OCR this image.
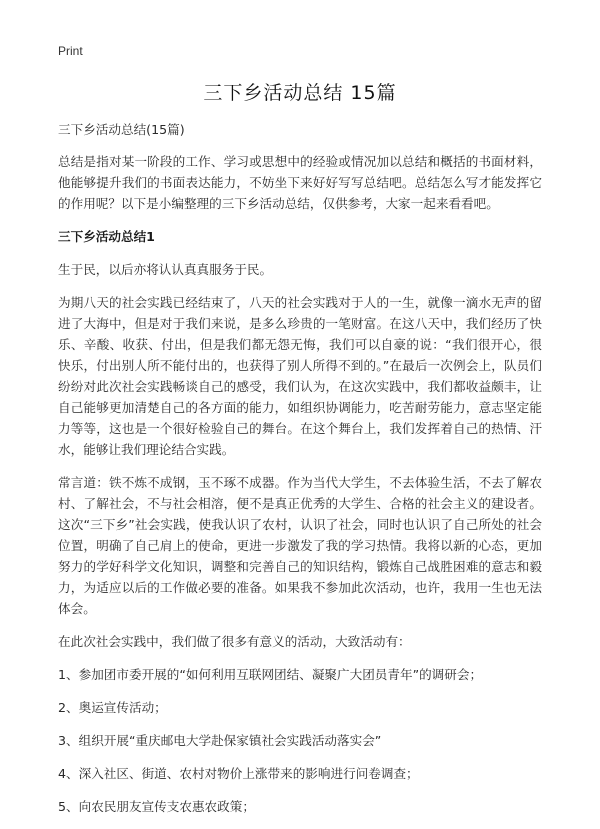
Print
三下乡活动总结 15篇

三下乡活动总结(15篇)

总结是指对某一阶段的工作、学习或思想中的经验或情况加以总结和概括的书面材料，他能够提升我们的书面表达能力，不妨坐下来好好写写总结吧。总结怎么写才能发挥它的作用呢？以下是小编整理的三下乡活动总结，仅供参考，大家一起来看看吧。

三下乡活动总结1

生于民，以后亦将认认真真服务于民。

为期八天的社会实践已经结束了，八天的社会实践对于人的一生，就像一滴水无声的留进了大海中，但是对于我们来说，是多么珍贵的一笔财富。在这八天中，我们经历了快乐、辛酸、收获、付出，但是我们都无怨无悔，我们可以自豪的说：“我们很开心，很快乐，付出别人所不能付出的，也获得了别人所得不到的。”在最后一次例会上，队员们纷纷对此次社会实践畅谈自己的感受，我们认为，在这次实践中，我们都收益颇丰，让自己能够更加清楚自己的各方面的能力，如组织协调能力，吃苦耐劳能力，意志坚定能力等等，这也是一个很好检验自己的舞台。在这个舞台上，我们发挥着自己的热情、汗水，能够让我们理论结合实践。

常言道：铁不炼不成钢，玉不琢不成器。作为当代大学生，不去体验生活，不去了解农村、了解社会，不与社会相溶，便不是真正优秀的大学生、合格的社会主义的建设者。这次“三下乡”社会实践，使我认识了农村，认识了社会，同时也认识了自己所处的社会位置，明确了自己肩上的使命，更进一步激发了我的学习热情。我将以新的心态，更加努力的学好科学文化知识，调整和完善自己的知识结构，锻炼自己战胜困难的意志和毅力，为适应以后的工作做必要的准备。如果我不参加此次活动，也许，我用一生也无法体会。

在此次社会实践中，我们做了很多有意义的活动，大致活动有：

1、参加团市委开展的“如何利用互联网团结、凝聚广大团员青年”的调研会；

2、奥运宣传活动；

3、组织开展“重庆邮电大学赴保家镇社会实践活动落实会”

4、深入社区、街道、农村对物价上涨带来的影响进行问卷调查；

5、向农民朋友宣传支农惠农政策；
